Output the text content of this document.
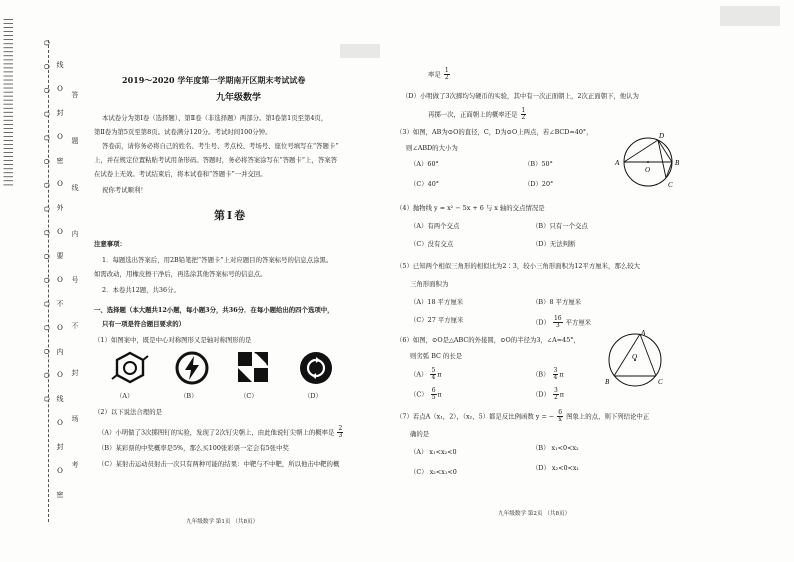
||||||||||||||||||||||||||||||||||||||||||	OOOOOOOOOOOOOOOO 线
O
封
O
密
O
外
O
要
O
不
O
内
O
线
O
封
O
密
答
题
线
内
号
不
封
场
考
2019～2020 学年度第一学期南开区期末考试试卷
九年级数学
本试卷分为第Ⅰ卷（选择题）、第Ⅱ卷（非选择题）两部分。第Ⅰ卷第1页至第4页，
第Ⅱ卷为第5页至第8页。试卷满分120分。考试时间100分钟。
答卷前，请你务必将自己的姓名、考生号、考点校、考场号、座位号填写在“答题卡”
上，并在规定位置粘贴考试用条形码。答题时，务必将答案涂写在“答题卡”上，答案答
在试卷上无效。考试结束后，将本试卷和“答题卡”一并交回。
祝你考试顺利！
第Ⅰ卷
注意事项：
1．每题选出答案后，用2B铅笔把“答题卡”上对应题目的答案标号的信息点涂黑。
如需改动，用橡皮擦干净后，再选涂其他答案标号的信息点。
2．本卷共12题，共36分。
一、选择题（本大题共12小题，每小题3分，共36分．在每小题给出的四个选项中，
只有一项是符合题目要求的）
（1）如图案中，既是中心对称图形又是轴对称图形的是
（A）	（B）	（C）	（D）
（2）以下说法合理的是
（A）小明做了3次掷图钉的实验，发现了2次钉尖朝上，由此他说钉尖朝上的概率是 $\frac{2}{3}$
（B）某彩票的中奖概率是5%，那么买100张彩票一定会有5张中奖
（C）某射击运动员射击一次只有两种可能的结果：中靶与不中靶，所以他击中靶的概
九年级数学 第1页 （共8页）
率是 $\frac{1}{2}$
（D）小明做了3次掷均匀硬币的实验，其中有一次正面朝上，2次正面朝下，他认为
再掷一次，正面朝上的概率还是 $\frac{1}{2}$
（3）如图，AB为⊙O的直径，C，D为⊙O上两点，若∠BCD=40°，
则∠ABD的大小为
（A）60°	（B）50°
（C）40°	（D）20°
D
A
O
B
C
（4）抛物线 y = x² − 5x + 6 与 x 轴的交点情况是
（A）有两个交点	（B）只有一个交点
（C）没有交点	（D）无法判断
（5）已知两个相似三角形的相似比为2∶3，较小三角形面积为12平方厘米，那么较大
三角形面积为
（A）18 平方厘米	（B）8 平方厘米
（C）27 平方厘米	$(D) \frac{16}{3}$ 平方厘米
（6）如图，⊙O是△ABC的外接圆，⊙O的半径为3，∠A=45°，
则劣弧 BC 的长是
$(A) \frac{5}{4}$ π	$(B) \frac{3}{4}$ π
$(C) \frac{6}{5}$ π	$(D) \frac{3}{2}$ π
A
O
B	C
（7）若点A（x₁，2），（x₂，5）都是反比例函数 y = − $\frac{6}{x}$ 图象上的点，则下列结论中正
确的是
（A） x₁<x₂<0	（B） x₁<0<x₂
（C） x₂<x₁<0	（D） x₂<0<x₁
九年级数学 第2页 （共8页）
